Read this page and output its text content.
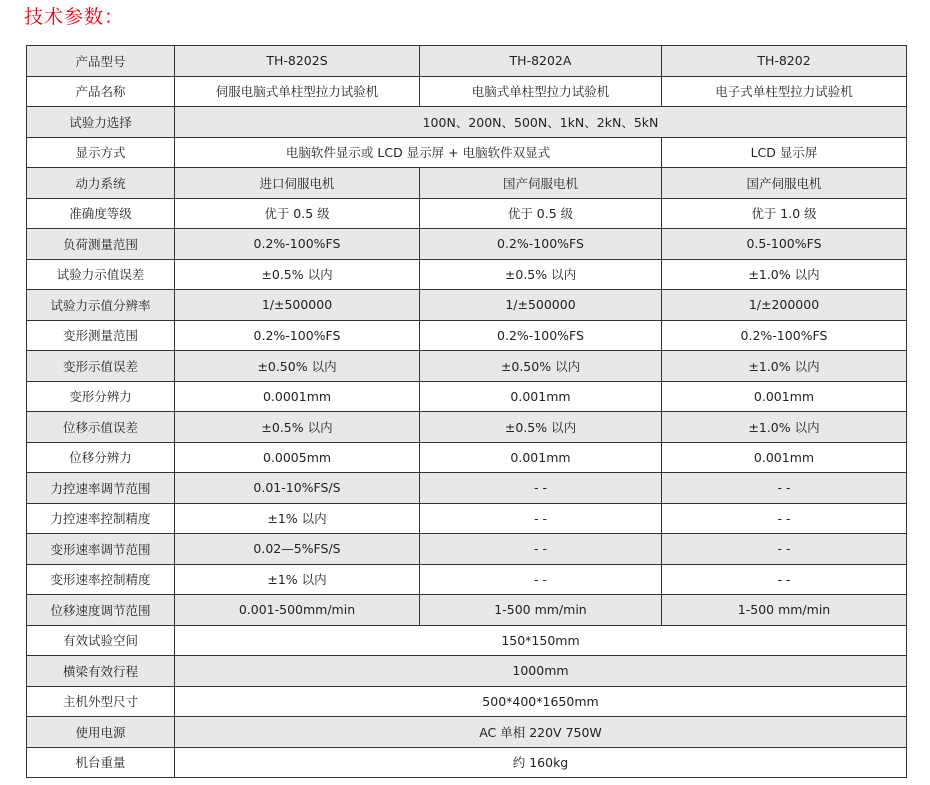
技术参数：
产品型号	TH-8202S	TH-8202A	TH-8202
产品名称	伺服电脑式单柱型拉力试验机	电脑式单柱型拉力试验机	电子式单柱型拉力试验机
试验力选择	100N、200N、500N、1kN、2kN、5kN		
显示方式	电脑软件显示或 LCD 显示屏 + 电脑软件双显式		LCD 显示屏
动力系统	进口伺服电机	国产伺服电机	国产伺服电机
准确度等级	优于 0.5 级	优于 0.5 级	优于 1.0 级
负荷测量范围	0.2%-100%FS	0.2%-100%FS	0.5-100%FS
试验力示值误差	±0.5% 以内	±0.5% 以内	±1.0% 以内
试验力示值分辨率	1/±500000	1/±500000	1/±200000
变形测量范围	0.2%-100%FS	0.2%-100%FS	0.2%-100%FS
变形示值误差	±0.50% 以内	±0.50% 以内	±1.0% 以内
变形分辨力	0.0001mm	0.001mm	0.001mm
位移示值误差	±0.5% 以内	±0.5% 以内	±1.0% 以内
位移分辨力	0.0005mm	0.001mm	0.001mm
力控速率调节范围	0.01-10%FS/S	- -	- -
力控速率控制精度	±1% 以内	- -	- -
变形速率调节范围	0.02—5%FS/S	- -	- -
变形速率控制精度	±1% 以内	- -	- -
位移速度调节范围	0.001-500mm/min	1-500 mm/min	1-500 mm/min
有效试验空间	150*150mm		
横梁有效行程	1000mm		
主机外型尺寸	500*400*1650mm		
使用电源	AC 单相 220V 750W		
机台重量	约 160kg		
